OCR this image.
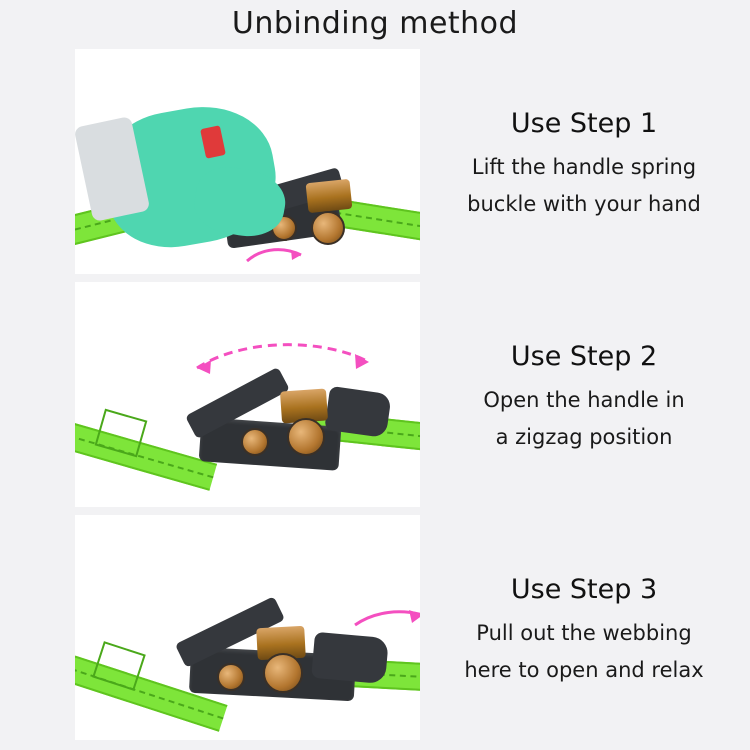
Unbinding method
Use Step 1
Lift the handle spring
buckle with your hand
Use Step 2
Open the handle in
a zigzag position
Use Step 3
Pull out the webbing
here to open and relax
